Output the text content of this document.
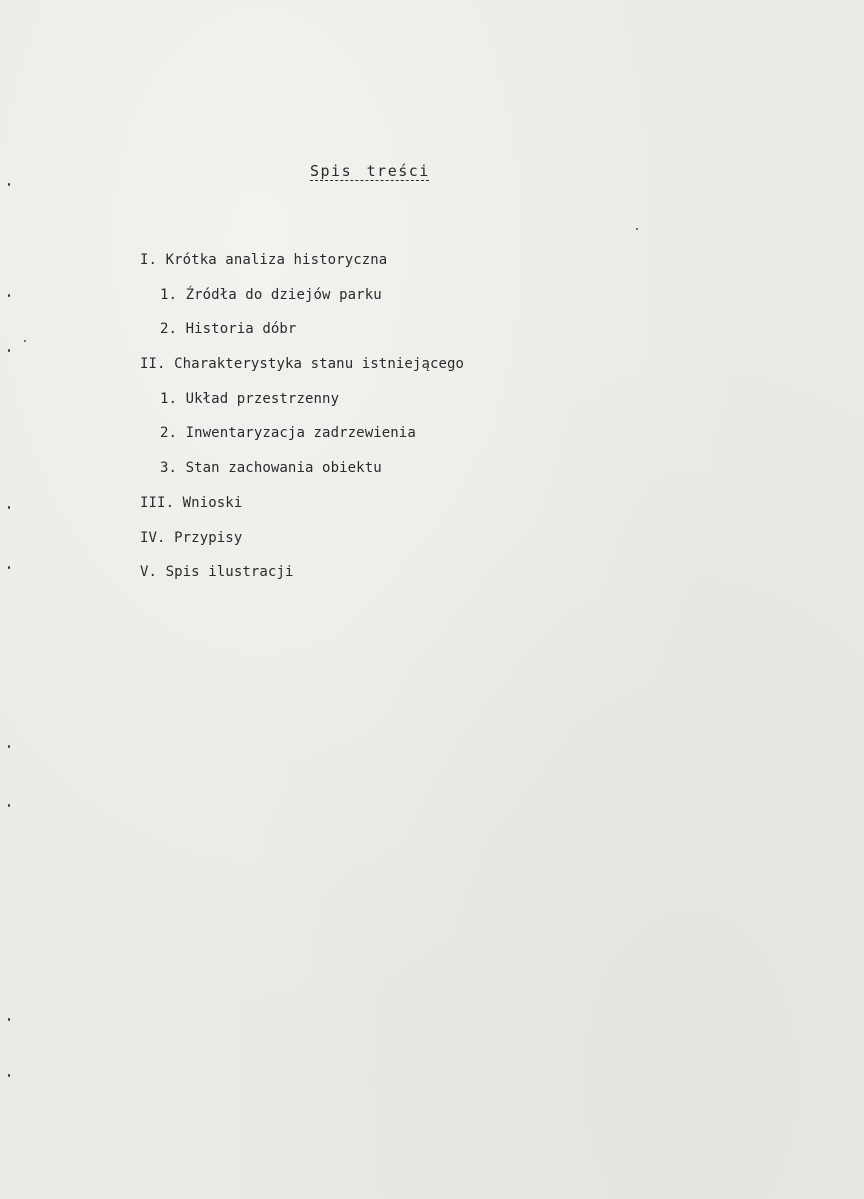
Spis treści
I. Krótka analiza historyczna
1. Źródła do dziejów parku
2. Historia dóbr
II. Charakterystyka stanu istniejącego
1. Układ przestrzenny
2. Inwentaryzacja zadrzewienia
3. Stan zachowania obiektu
III. Wnioski
IV. Przypisy
V. Spis ilustracji
